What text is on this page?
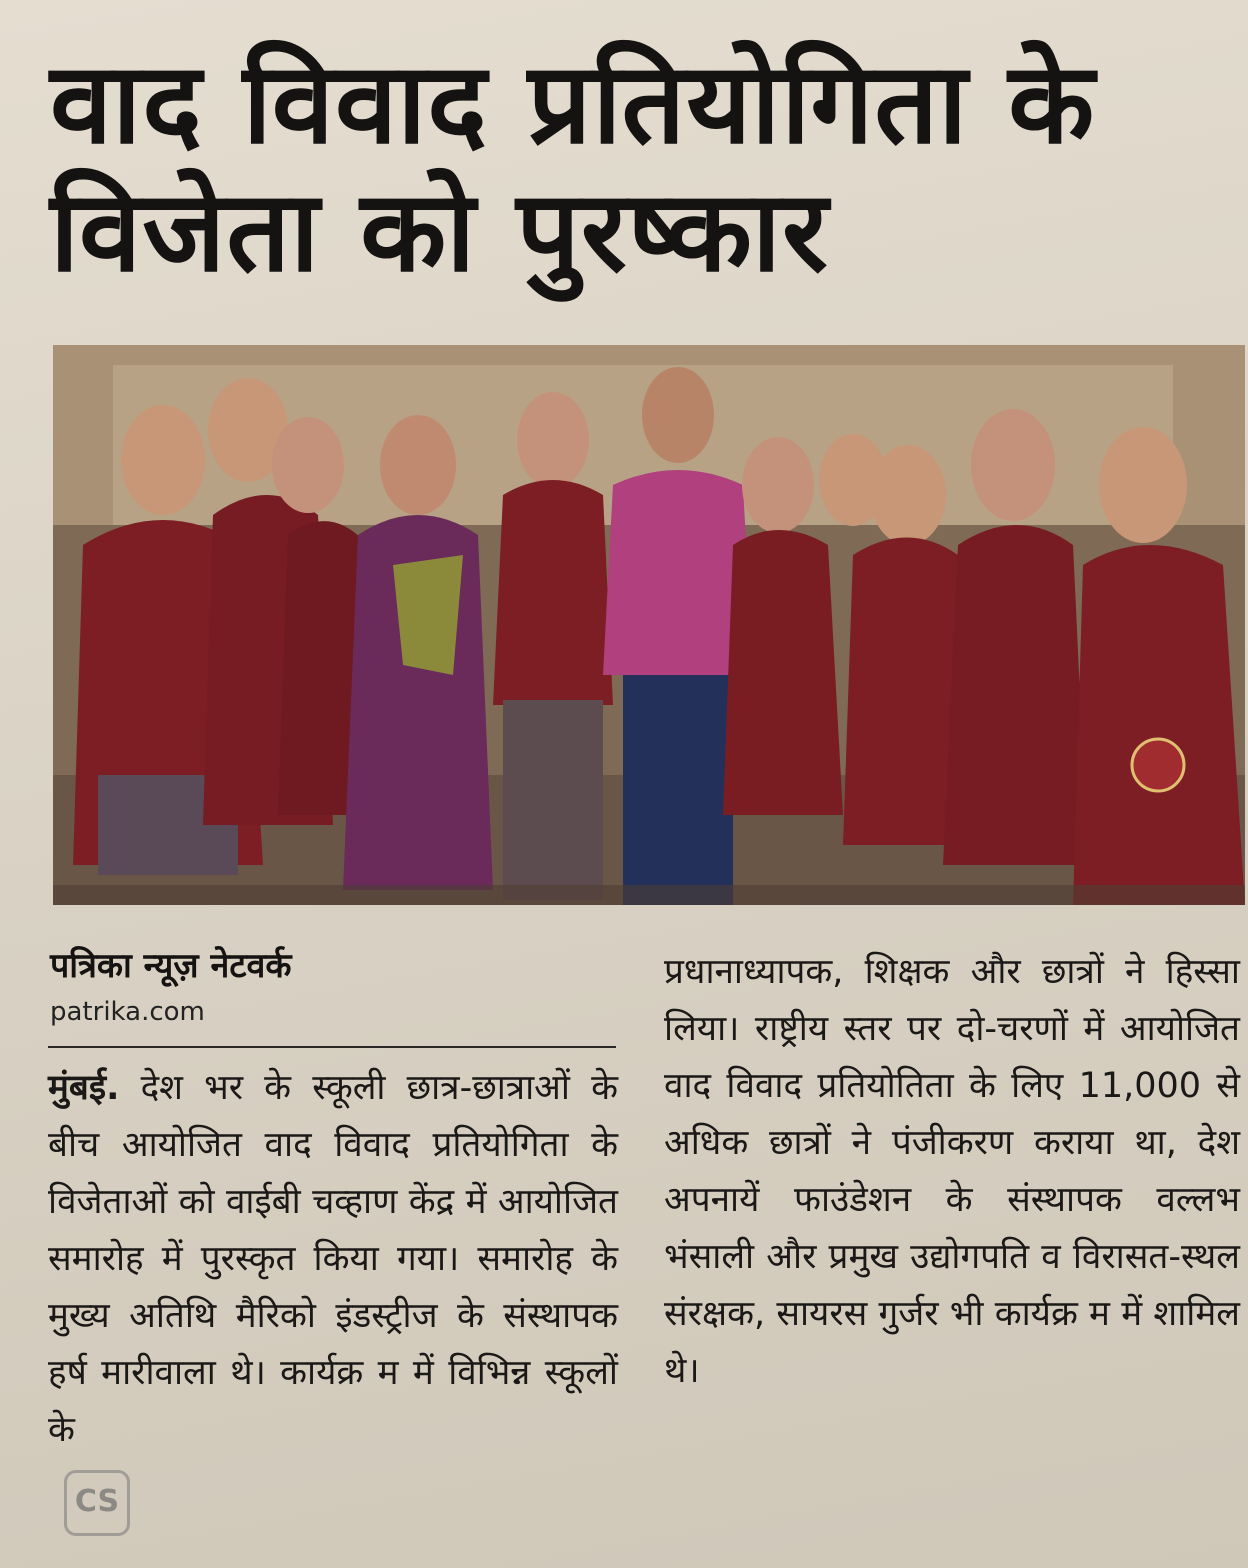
वाद विवाद प्रतियोगिता के विजेता को पुरष्कार
पत्रिका न्यूज़ नेटवर्क
patrika.com
मुंबई. देश भर के स्कूली छात्र-छात्राओं के बीच आयोजित वाद विवाद प्रतियोगिता के विजेताओं को वाईबी चव्हाण केंद्र में आयोजित समारोह में पुरस्कृत किया गया। समारोह के मुख्य अतिथि मैरिको इंडस्ट्रीज के संस्थापक हर्ष मारीवाला थे। कार्यक्र म में विभिन्न स्कूलों के
प्रधानाध्यापक, शिक्षक और छात्रों ने हिस्सा लिया। राष्ट्रीय स्तर पर दो-चरणों में आयोजित वाद विवाद प्रतियोतिता के लिए 11,000 से अधिक छात्रों ने पंजीकरण कराया था, देश अपनायें फाउंडेशन के संस्थापक वल्लभ भंसाली और प्रमुख उद्योगपति व विरासत-स्थल संरक्षक, सायरस गुर्जर भी कार्यक्र म में शामिल थे।
CS
